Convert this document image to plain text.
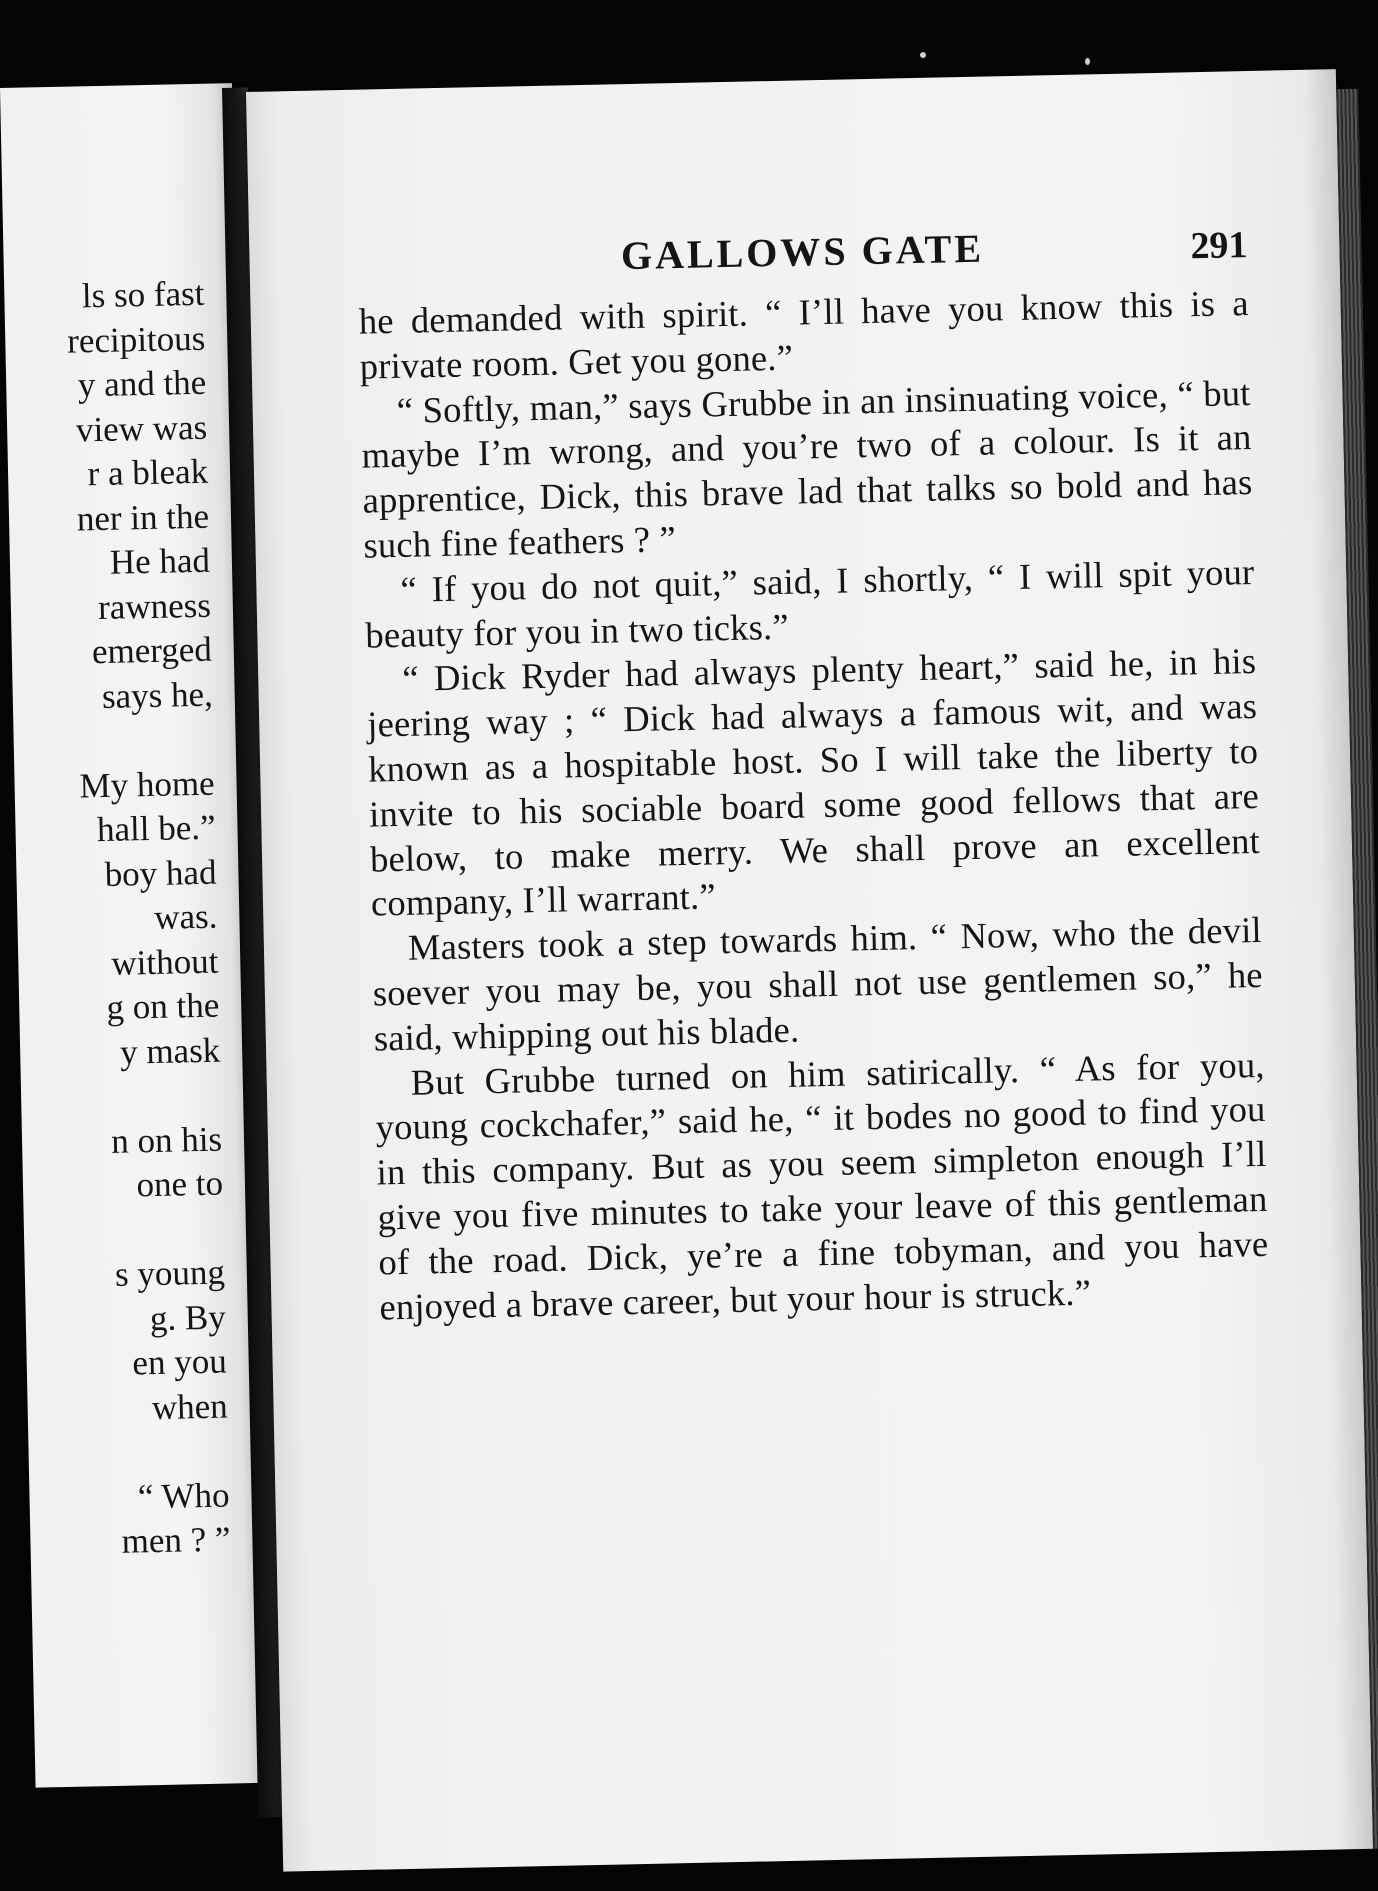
ls so fast
recipitous
y and the
view was
r a bleak
ner in the
He had
rawness
emerged
says he,
My home
hall be.”
boy had
was.
without
g on the
y mask
n on his
one to
s young
g. By
en you
when
“ Who
men ? ”
GALLOWS GATE	291

he demanded with spirit. “ I’ll have you know this is a private room. Get you gone.”

“ Softly, man,” says Grubbe in an insinuating voice, “ but maybe I’m wrong, and you’re two of a colour. Is it an apprentice, Dick, this brave lad that talks so bold and has such fine feathers ? ”

“ If you do not quit,” said, I shortly, “ I will spit your beauty for you in two ticks.”

“ Dick Ryder had always plenty heart,” said he, in his jeering way ; “ Dick had always a famous wit, and was known as a hospitable host. So I will take the liberty to invite to his sociable board some good fellows that are below, to make merry. We shall prove an excellent company, I’ll warrant.”

Masters took a step towards him. “ Now, who the devil soever you may be, you shall not use gentlemen so,” he said, whipping out his blade.

But Grubbe turned on him satirically. “ As for you, young cockchafer,” said he, “ it bodes no good to find you in this company. But as you seem simpleton enough I’ll give you five minutes to take your leave of this gentleman of the road. Dick, ye’re a fine tobyman, and you have enjoyed a brave career, but your hour is struck.”
